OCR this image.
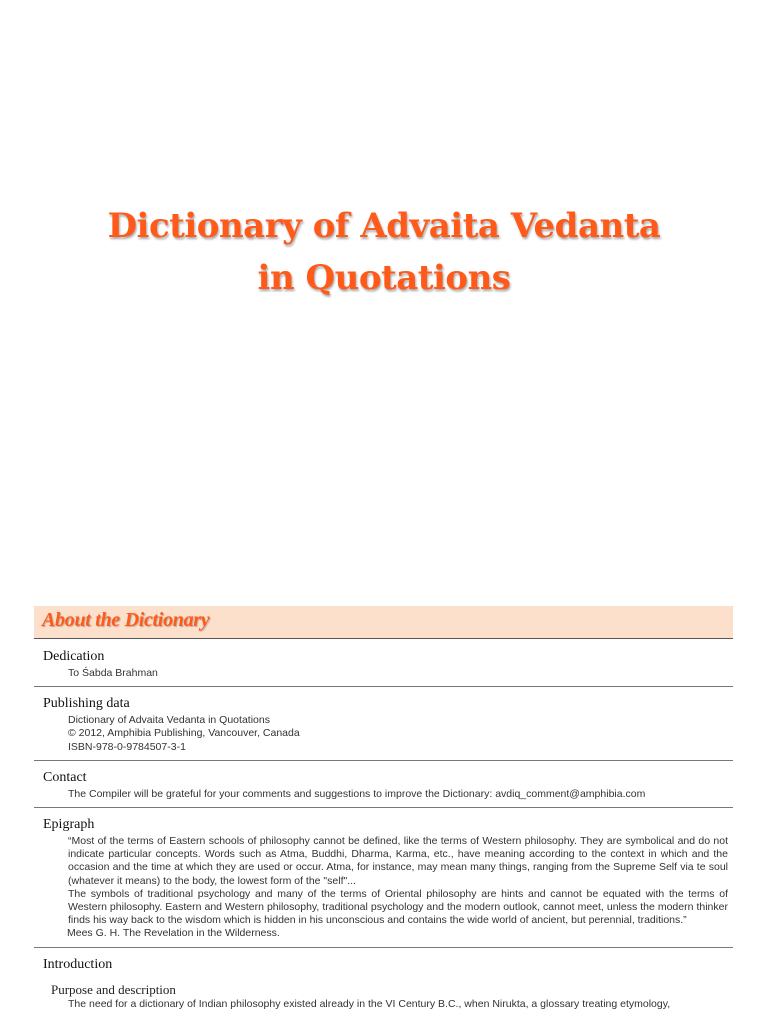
Dictionary of Advaita Vedanta
in Quotations
About the Dictionary
Dedication
To Śabda Brahman
Publishing data
Dictionary of Advaita Vedanta in Quotations
© 2012, Amphibia Publishing, Vancouver, Canada
ISBN-978-0-9784507-3-1
Contact
The Compiler will be grateful for your comments and suggestions to improve the Dictionary: avdiq_comment@amphibia.com
Epigraph
“Most of the terms of Eastern schools of philosophy cannot be defined, like the terms of Western philosophy. They are symbolical and do not indicate particular concepts. Words such as Atma, Buddhi, Dharma, Karma, etc., have meaning according to the context in which and the occasion and the time at which they are used or occur. Atma, for instance, may mean many things, ranging from the Supreme Self via te soul (whatever it means) to the body, the lowest form of the "self"...
The symbols of traditional psychology and many of the terms of Oriental philosophy are hints and cannot be equated with the terms of Western philosophy. Eastern and Western philosophy, traditional psychology and the modern outlook, cannot meet, unless the modern thinker finds his way back to the wisdom which is hidden in his unconscious and contains the wide world of ancient, but perennial, traditions.”
Mees G. H. The Revelation in the Wilderness.
Introduction
Purpose and description
The need for a dictionary of Indian philosophy existed already in the VI Century B.C., when Nirukta, a glossary treating etymology,
